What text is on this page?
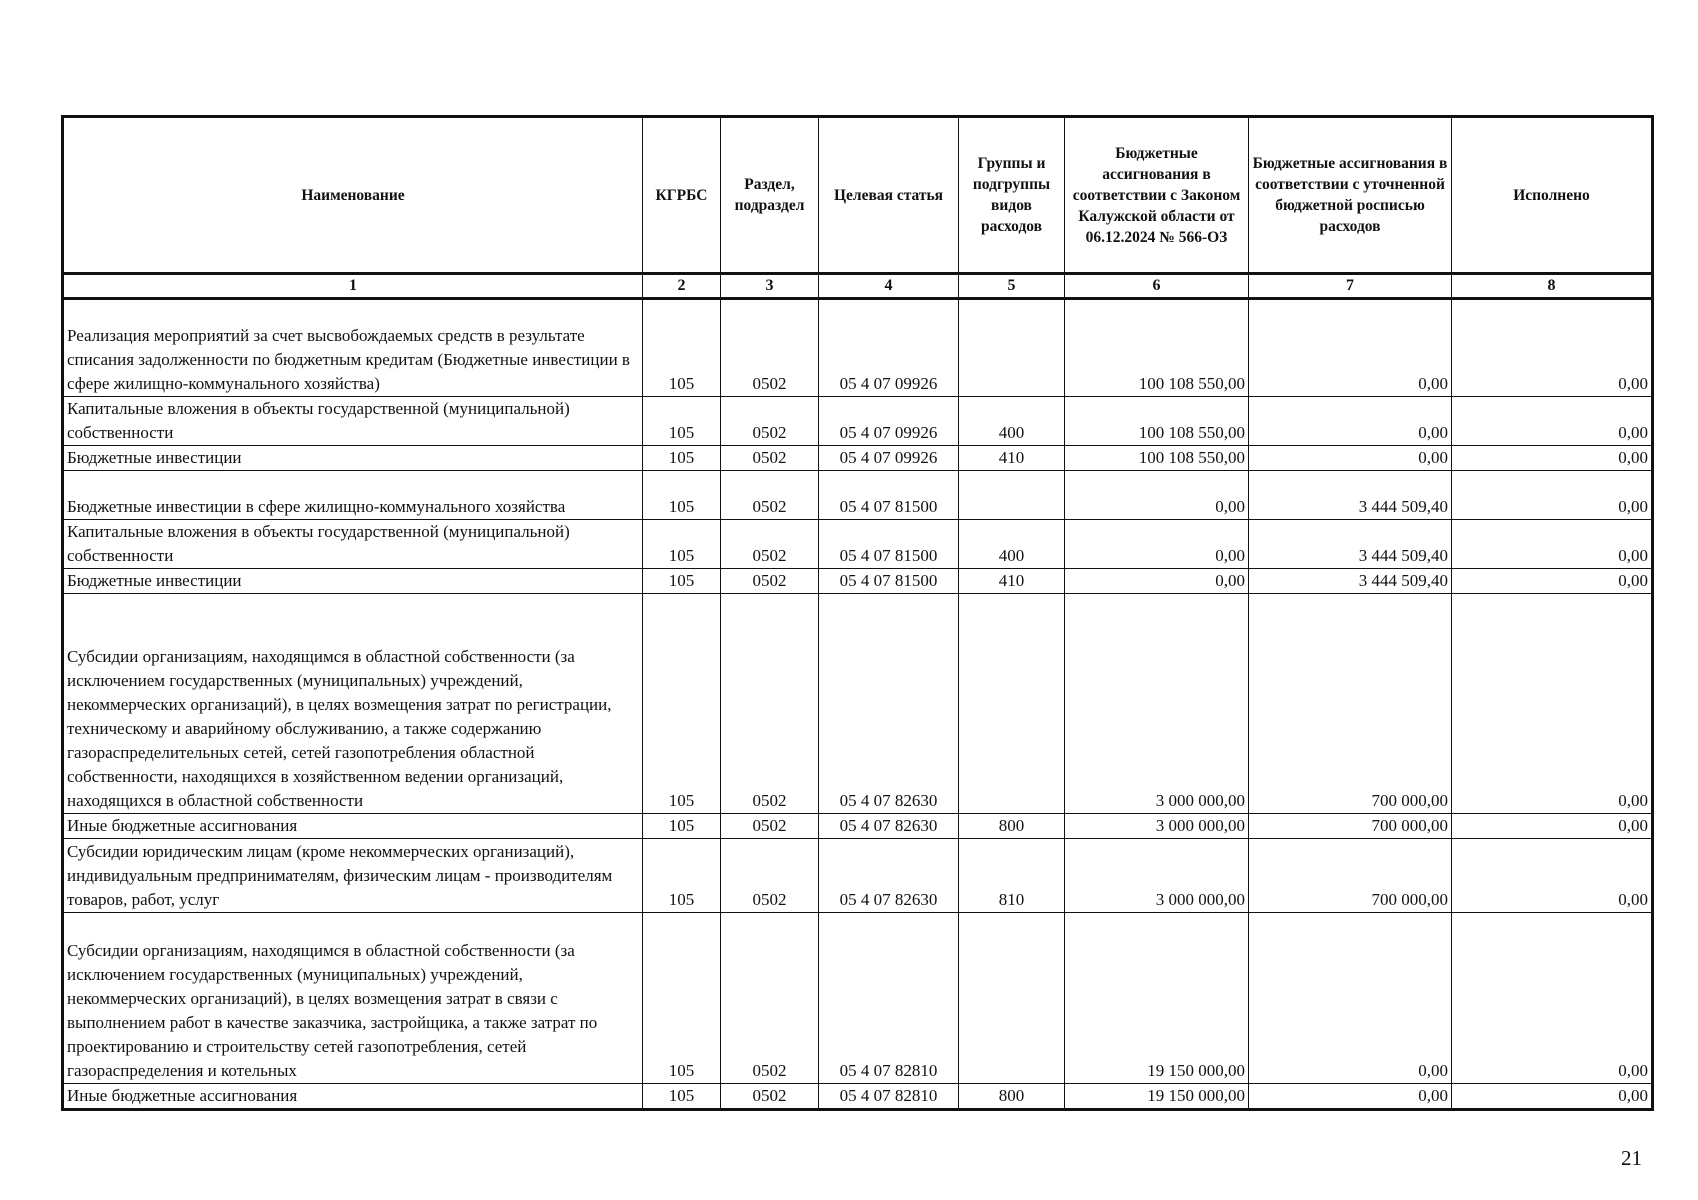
Наименование	КГРБС	Раздел, подраздел	Целевая статья	Группы и подгруппы видов расходов	Бюджетные ассигнования в соответствии с Законом Калужской области от 06.12.2024 № 566-ОЗ	Бюджетные ассигнования в соответствии с уточненной бюджетной росписью расходов	Исполнено
1	2	3	4	5	6	7	8
Реализация мероприятий за счет высвобождаемых средств в результате списания задолженности по бюджетным кредитам (Бюджетные инвестиции в сфере жилищно-коммунального хозяйства)	105	0502	05 4 07 09926		100 108 550,00	0,00	0,00
Капитальные вложения в объекты государственной (муниципальной) собственности	105	0502	05 4 07 09926	400	100 108 550,00	0,00	0,00
Бюджетные инвестиции	105	0502	05 4 07 09926	410	100 108 550,00	0,00	0,00
Бюджетные инвестиции в сфере жилищно-коммунального хозяйства	105	0502	05 4 07 81500		0,00	3 444 509,40	0,00
Капитальные вложения в объекты государственной (муниципальной) собственности	105	0502	05 4 07 81500	400	0,00	3 444 509,40	0,00
Бюджетные инвестиции	105	0502	05 4 07 81500	410	0,00	3 444 509,40	0,00
Субсидии организациям, находящимся в областной собственности (за исключением государственных (муниципальных) учреждений, некоммерческих организаций), в целях возмещения затрат по регистрации, техническому и аварийному обслуживанию, а также содержанию газораспределительных сетей, сетей газопотребления областной собственности, находящихся в хозяйственном ведении организаций, находящихся в областной собственности	105	0502	05 4 07 82630		3 000 000,00	700 000,00	0,00
Иные бюджетные ассигнования	105	0502	05 4 07 82630	800	3 000 000,00	700 000,00	0,00
Субсидии юридическим лицам (кроме некоммерческих организаций), индивидуальным предпринимателям, физическим лицам - производителям товаров, работ, услуг	105	0502	05 4 07 82630	810	3 000 000,00	700 000,00	0,00
Субсидии организациям, находящимся в областной собственности (за исключением государственных (муниципальных) учреждений, некоммерческих организаций), в целях возмещения затрат в связи с выполнением работ в качестве заказчика, застройщика, а также затрат по проектированию и строительству сетей газопотребления, сетей газораспределения и котельных	105	0502	05 4 07 82810		19 150 000,00	0,00	0,00
Иные бюджетные ассигнования	105	0502	05 4 07 82810	800	19 150 000,00	0,00	0,00
21
